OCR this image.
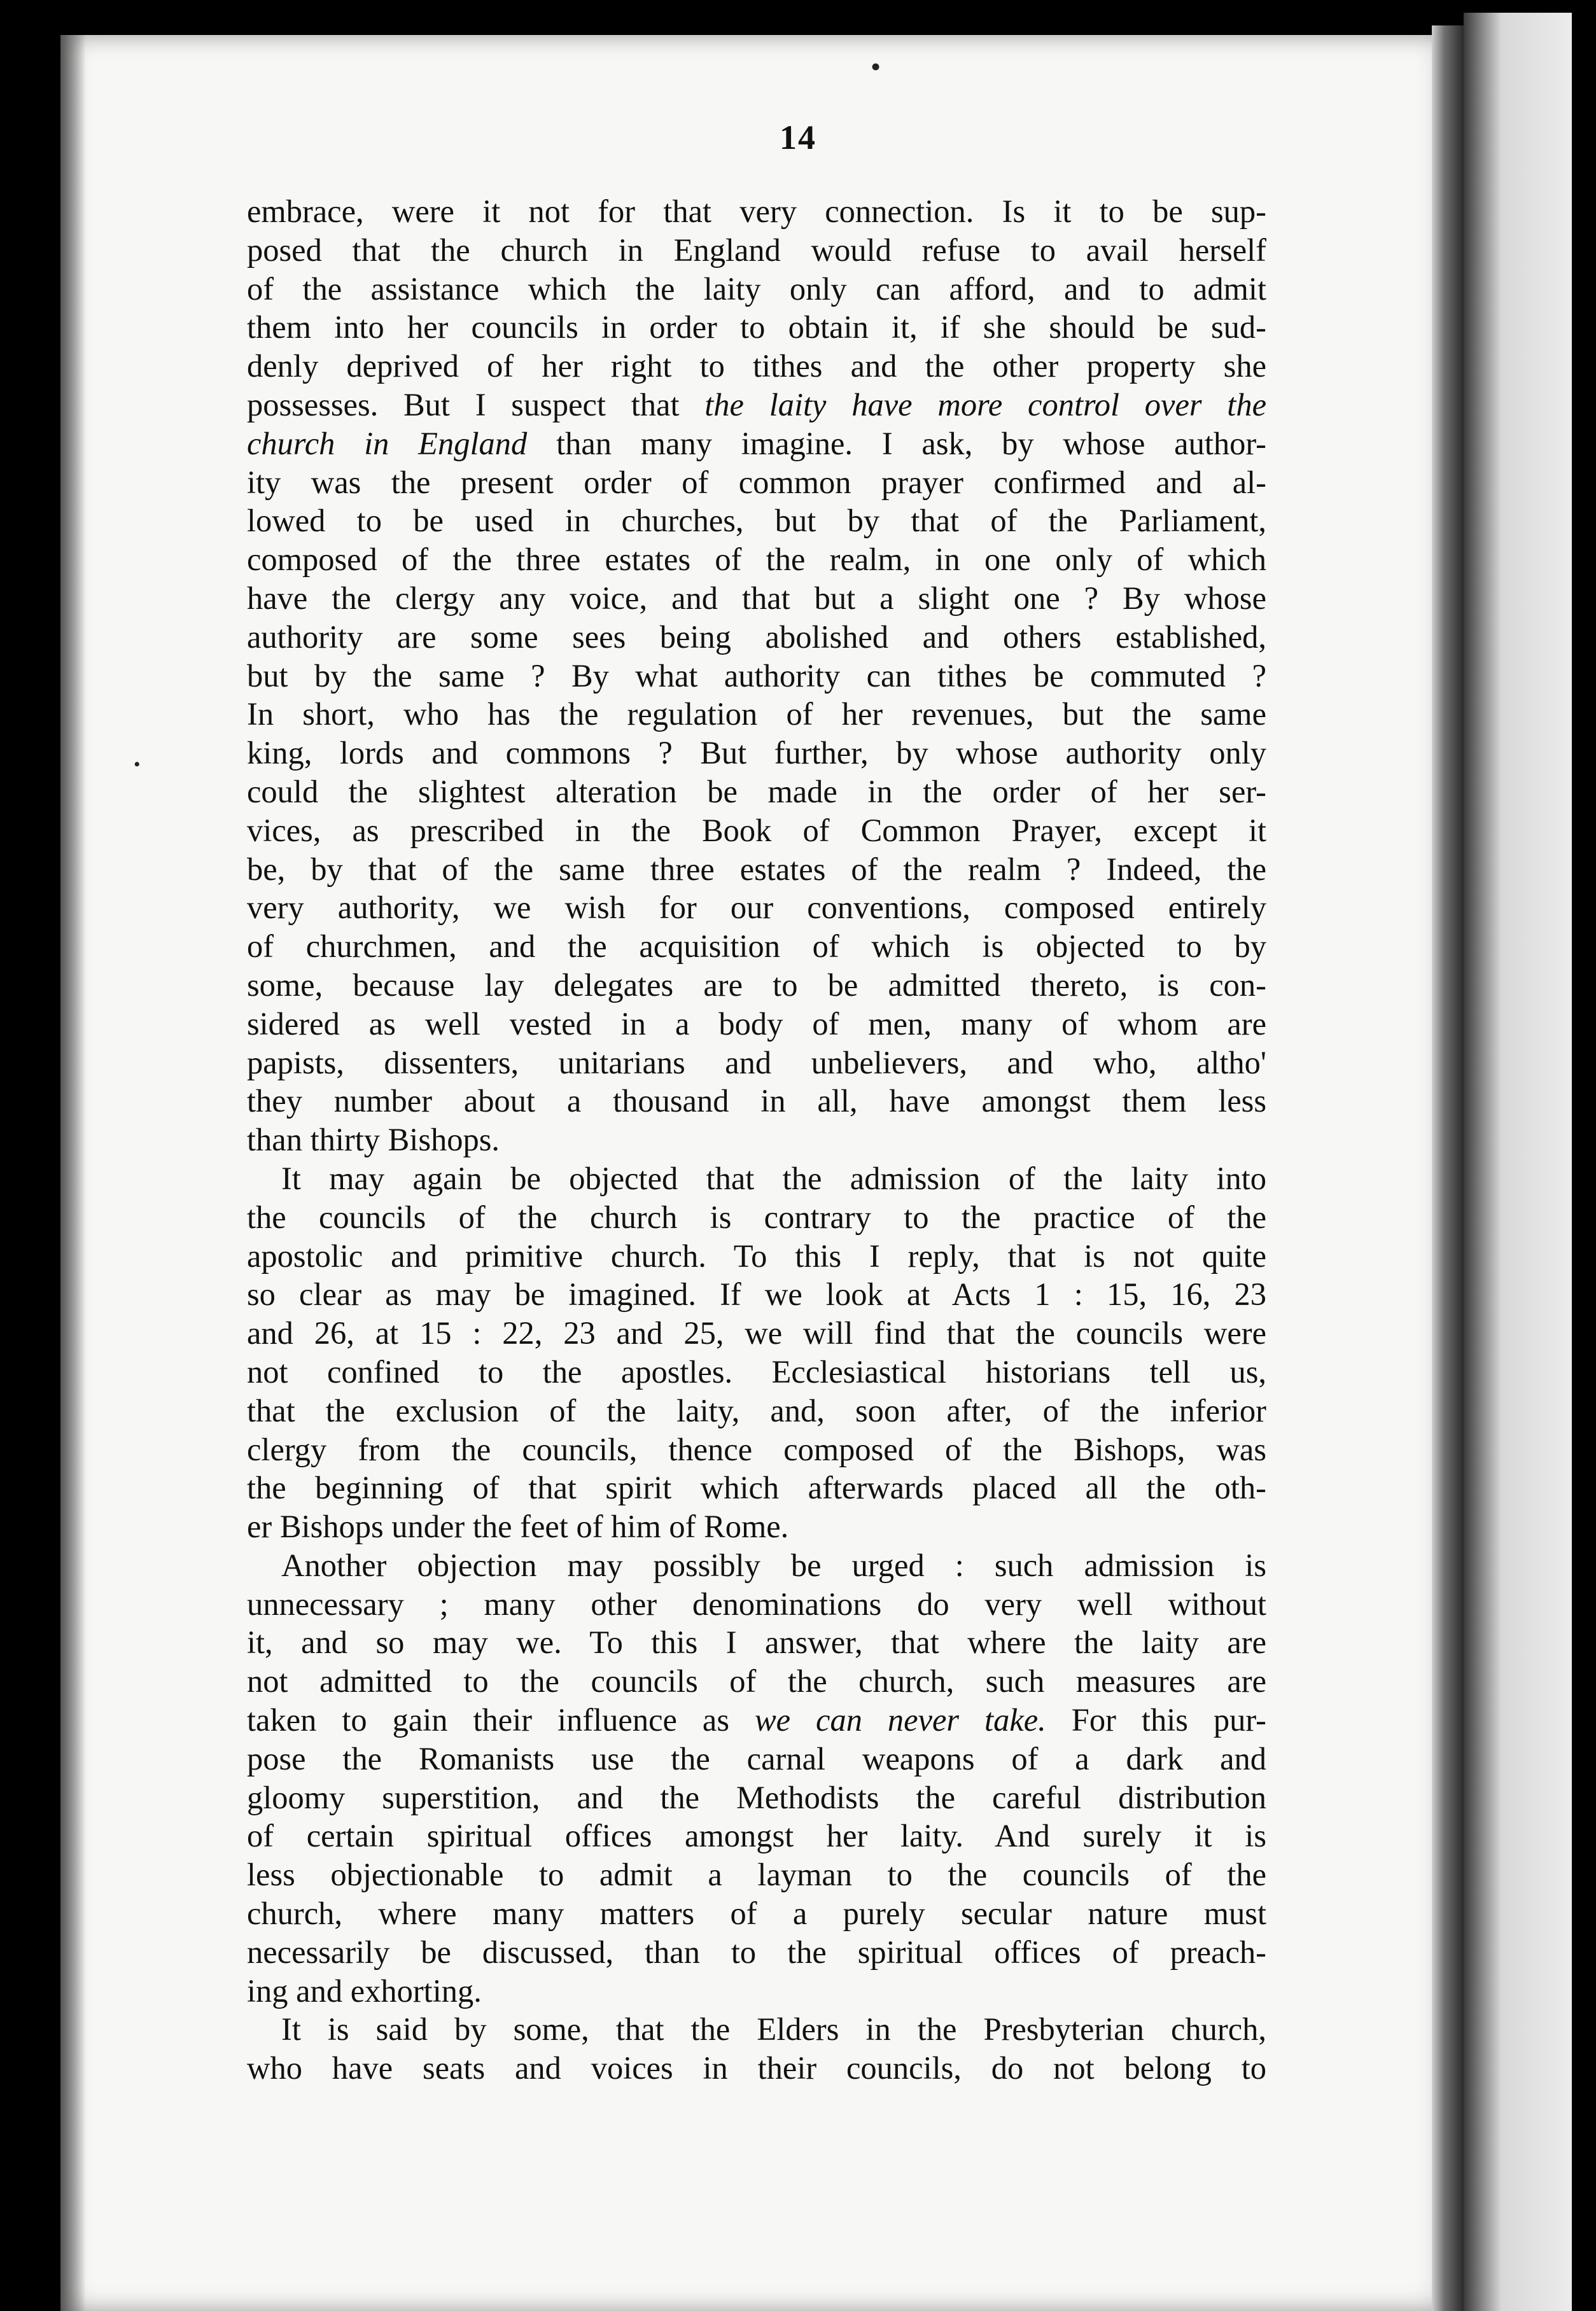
•
•
14
embrace, were it not for that very connection. Is it to be sup-
posed that the church in England would refuse to avail herself
of the assistance which the laity only can afford, and to admit
them into her councils in order to obtain it, if she should be sud-
denly deprived of her right to tithes and the other property she
possesses. But I suspect that the laity have more control over the
church in England than many imagine. I ask, by whose author-
ity was the present order of common prayer confirmed and al-
lowed to be used in churches, but by that of the Parliament,
composed of the three estates of the realm, in one only of which
have the clergy any voice, and that but a slight one ? By whose
authority are some sees being abolished and others established,
but by the same ? By what authority can tithes be commuted ?
In short, who has the regulation of her revenues, but the same
king, lords and commons ? But further, by whose authority only
could the slightest alteration be made in the order of her ser-
vices, as prescribed in the Book of Common Prayer, except it
be, by that of the same three estates of the realm ? Indeed, the
very authority, we wish for our conventions, composed entirely
of churchmen, and the acquisition of which is objected to by
some, because lay delegates are to be admitted thereto, is con-
sidered as well vested in a body of men, many of whom are
papists, dissenters, unitarians and unbelievers, and who, altho'
they number about a thousand in all, have amongst them less
than thirty Bishops.
It may again be objected that the admission of the laity into
the councils of the church is contrary to the practice of the
apostolic and primitive church. To this I reply, that is not quite
so clear as may be imagined. If we look at Acts 1 : 15, 16, 23
and 26, at 15 : 22, 23 and 25, we will find that the councils were
not confined to the apostles. Ecclesiastical historians tell us,
that the exclusion of the laity, and, soon after, of the inferior
clergy from the councils, thence composed of the Bishops, was
the beginning of that spirit which afterwards placed all the oth-
er Bishops under the feet of him of Rome.
Another objection may possibly be urged : such admission is
unnecessary ; many other denominations do very well without
it, and so may we. To this I answer, that where the laity are
not admitted to the councils of the church, such measures are
taken to gain their influence as we can never take. For this pur-
pose the Romanists use the carnal weapons of a dark and
gloomy superstition, and the Methodists the careful distribution
of certain spiritual offices amongst her laity. And surely it is
less objectionable to admit a layman to the councils of the
church, where many matters of a purely secular nature must
necessarily be discussed, than to the spiritual offices of preach-
ing and exhorting.
It is said by some, that the Elders in the Presbyterian church,
who have seats and voices in their councils, do not belong to
